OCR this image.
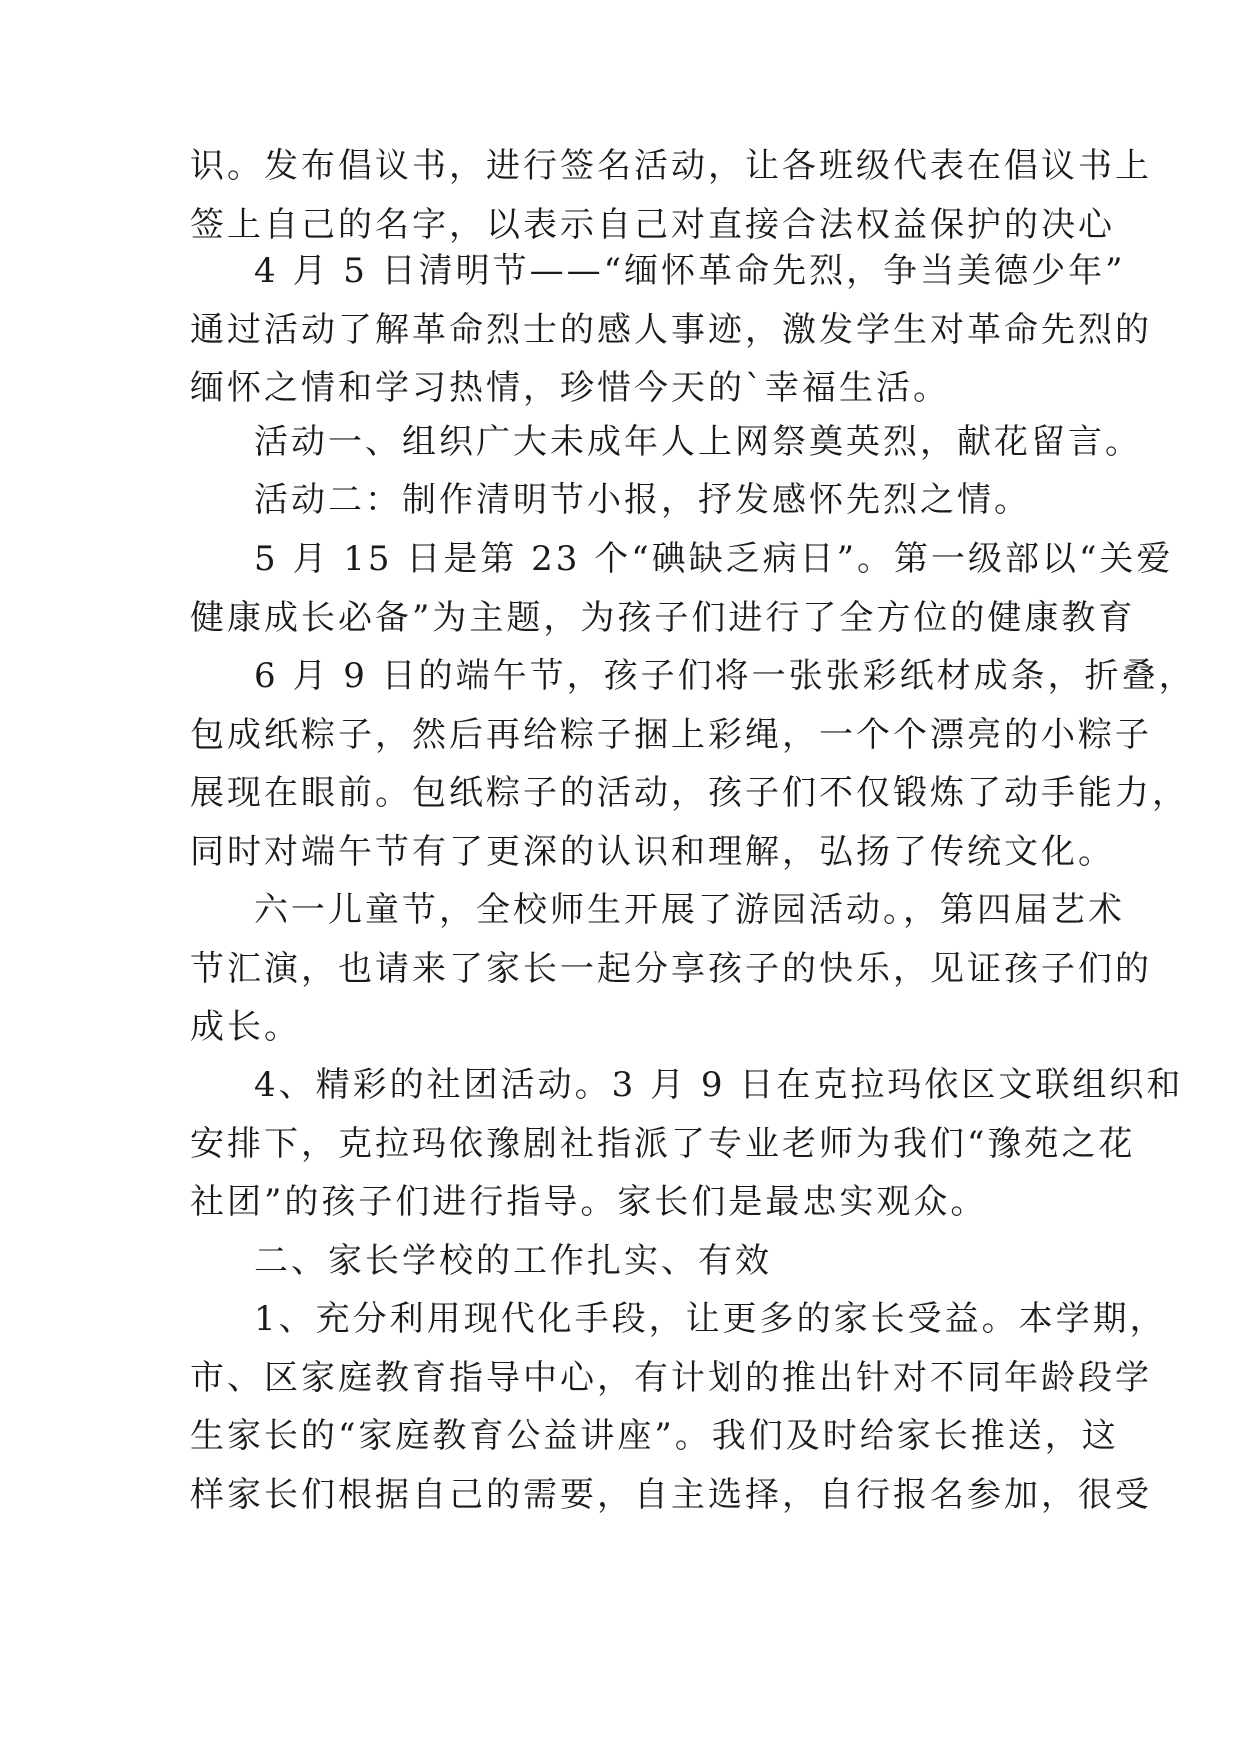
识。发布倡议书，进行签名活动，让各班级代表在倡议书上
签上自己的名字，以表示自己对直接合法权益保护的决心

4 月 5 日清明节——“缅怀革命先烈，争当美德少年”
通过活动了解革命烈士的感人事迹，激发学生对革命先烈的
缅怀之情和学习热情，珍惜今天的`幸福生活。

活动一、组织广大未成年人上网祭奠英烈，献花留言。

活动二：制作清明节小报，抒发感怀先烈之情。

5 月 15 日是第 23 个“碘缺乏病日”。第一级部以“关爱
健康成长必备”为主题，为孩子们进行了全方位的健康教育

6 月 9 日的端午节，孩子们将一张张彩纸材成条，折叠，
包成纸粽子，然后再给粽子捆上彩绳，一个个漂亮的小粽子
展现在眼前。包纸粽子的活动，孩子们不仅锻炼了动手能力，
同时对端午节有了更深的认识和理解，弘扬了传统文化。

六一儿童节，全校师生开展了游园活动。，第四届艺术
节汇演，也请来了家长一起分享孩子的快乐，见证孩子们的
成长。

4、精彩的社团活动。3 月 9 日在克拉玛依区文联组织和
安排下，克拉玛依豫剧社指派了专业老师为我们“豫苑之花
社团”的孩子们进行指导。家长们是最忠实观众。

二、家长学校的工作扎实、有效

1、充分利用现代化手段，让更多的家长受益。本学期，
市、区家庭教育指导中心，有计划的推出针对不同年龄段学
生家长的“家庭教育公益讲座”。我们及时给家长推送，这
样家长们根据自己的需要，自主选择，自行报名参加，很受
